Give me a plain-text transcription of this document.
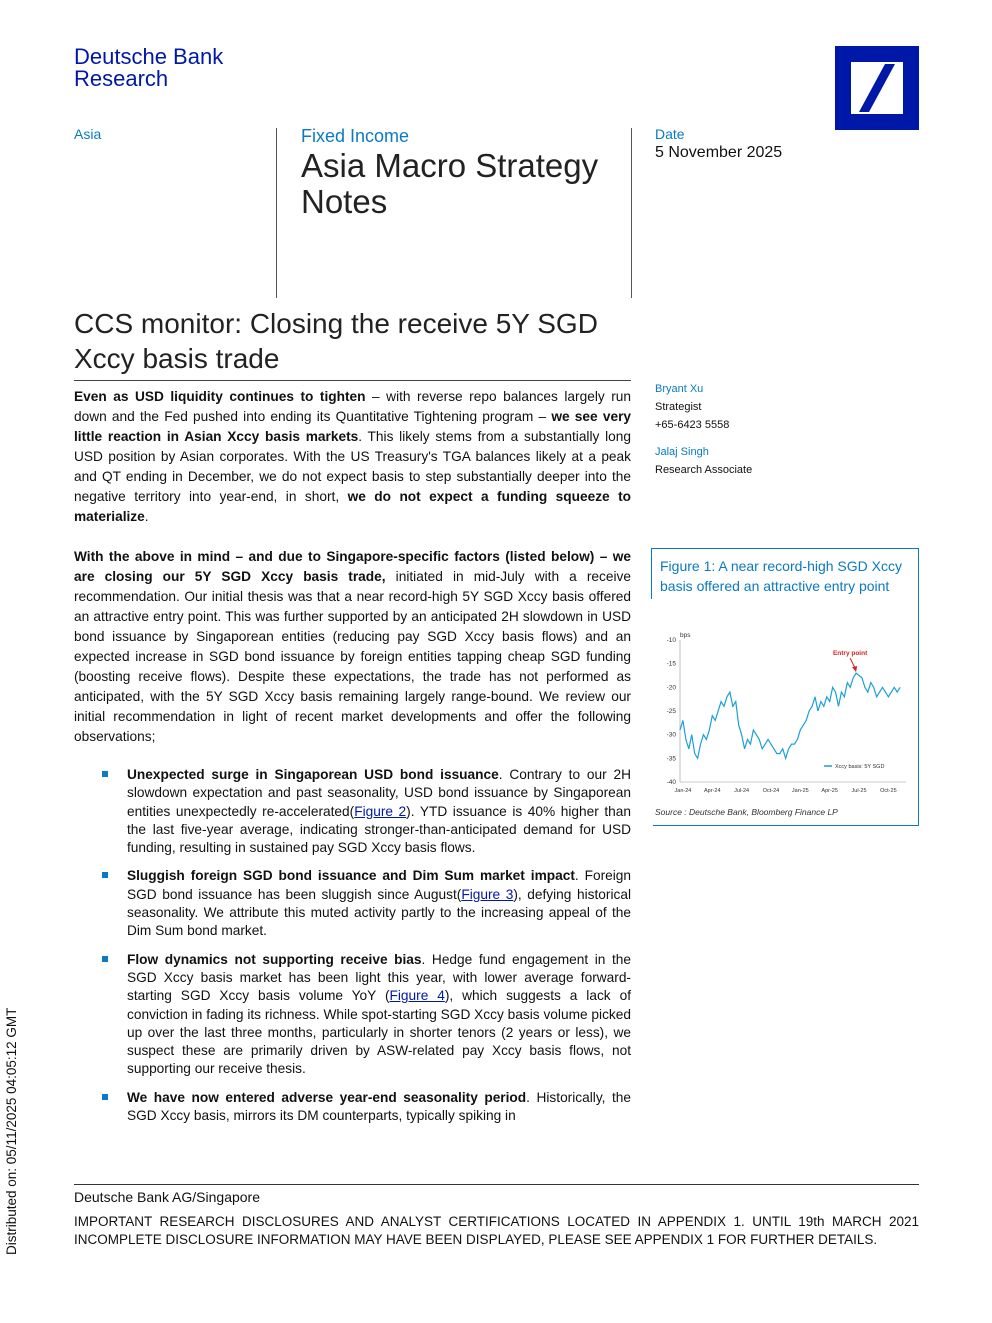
Deutsche Bank
Research
Asia	Fixed Income
Asia Macro Strategy Notes
Date
5 November 2025
CCS monitor: Closing the receive 5Y SGD Xccy basis trade
Even as USD liquidity continues to tighten – with reverse repo balances largely run down and the Fed pushed into ending its Quantitative Tightening program – we see very little reaction in Asian Xccy basis markets. This likely stems from a substantially long USD position by Asian corporates. With the US Treasury's TGA balances likely at a peak and QT ending in December, we do not expect basis to step substantially deeper into the negative territory into year-end, in short, we do not expect a funding squeeze to materialize.
With the above in mind – and due to Singapore-specific factors (listed below) – we are closing our 5Y SGD Xccy basis trade, initiated in mid-July with a receive recommendation. Our initial thesis was that a near record-high 5Y SGD Xccy basis offered an attractive entry point. This was further supported by an anticipated 2H slowdown in USD bond issuance by Singaporean entities (reducing pay SGD Xccy basis flows) and an expected increase in SGD bond issuance by foreign entities tapping cheap SGD funding (boosting receive flows). Despite these expectations, the trade has not performed as anticipated, with the 5Y SGD Xccy basis remaining largely range-bound. We review our initial recommendation in light of recent market developments and offer the following observations;
Unexpected surge in Singaporean USD bond issuance. Contrary to our 2H slowdown expectation and past seasonality, USD bond issuance by Singaporean entities unexpectedly re-accelerated(Figure 2). YTD issuance is 40% higher than the last five-year average, indicating stronger-than-anticipated demand for USD funding, resulting in sustained pay SGD Xccy basis flows.
Sluggish foreign SGD bond issuance and Dim Sum market impact. Foreign SGD bond issuance has been sluggish since August(Figure 3), defying historical seasonality. We attribute this muted activity partly to the increasing appeal of the Dim Sum bond market.
Flow dynamics not supporting receive bias. Hedge fund engagement in the SGD Xccy basis market has been light this year, with lower average forward-starting SGD Xccy basis volume YoY (Figure 4), which suggests a lack of conviction in fading its richness. While spot-starting SGD Xccy basis volume picked up over the last three months, particularly in shorter tenors (2 years or less), we suspect these are primarily driven by ASW-related pay Xccy basis flows, not supporting our receive thesis.
We have now entered adverse year-end seasonality period. Historically, the SGD Xccy basis, mirrors its DM counterparts, typically spiking in
Bryant Xu
Strategist
+65-6423 5558
Jalaj Singh
Research Associate
Figure 1: A near record-high SGD Xccy basis offered an attractive entry point
-10
-15
-20
-25
-30
-35
-40
bps
Jan-24 Apr-24 Jul-24 Oct-24 Jan-25 Apr-25 Jul-25 Oct-25
Xccy basis: 5Y SGD
Entry point
Source : Deutsche Bank, Bloomberg Finance LP
Distributed on: 05/11/2025 04:05:12 GMT	Deutsche Bank AG/Singapore
IMPORTANT RESEARCH DISCLOSURES AND ANALYST CERTIFICATIONS LOCATED IN APPENDIX 1. UNTIL 19th MARCH 2021 INCOMPLETE DISCLOSURE INFORMATION MAY HAVE BEEN DISPLAYED, PLEASE SEE APPENDIX 1 FOR FURTHER DETAILS.
